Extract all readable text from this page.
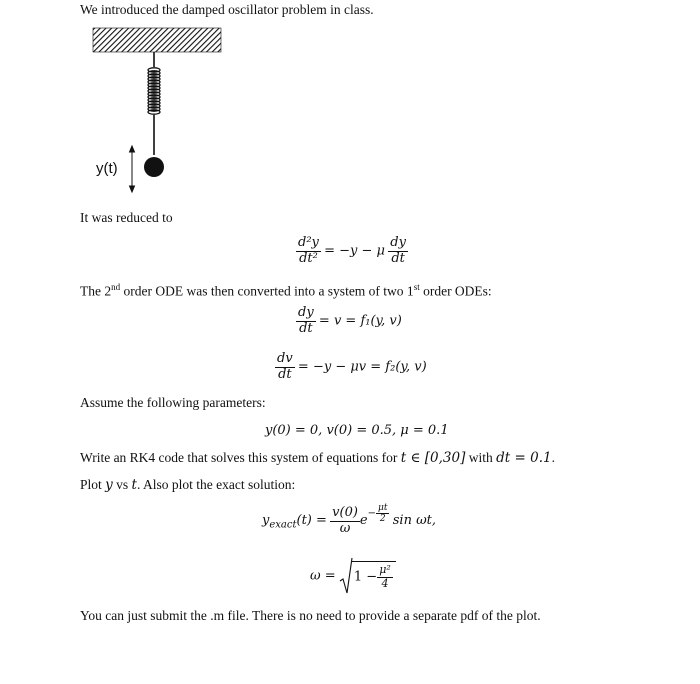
We introduced the damped oscillator problem in class.
y(t)
It was reduced to
$\frac{\text{d²y}}{\text{dt²}} = -y - \mu \frac{dy}{dt}$
The 2nd order ODE was then converted into a system of two 1st order ODEs:
$\frac{dy}{dt} = v = f_1(y$, v)
$\frac{dv}{dt} = -y - \mu v = f_2(y$, v)
Assume the following parameters:
y(0) = 0, v(0) = 0.5, μ = 0.1
Write an RK4 code that solves this system of equations for t ∈ [0,30] with dt = 0.1.
Plot y vs t. Also plot the exact solution:
$y_{exact}(t) = \frac{v(0)}{\omega} e- \frac{\mu t}{2}$ sin ωt,
$\omega = 1 - \frac{\text{μ²}}{4}$
You can just submit the .m file. There is no need to provide a separate pdf of the plot.
